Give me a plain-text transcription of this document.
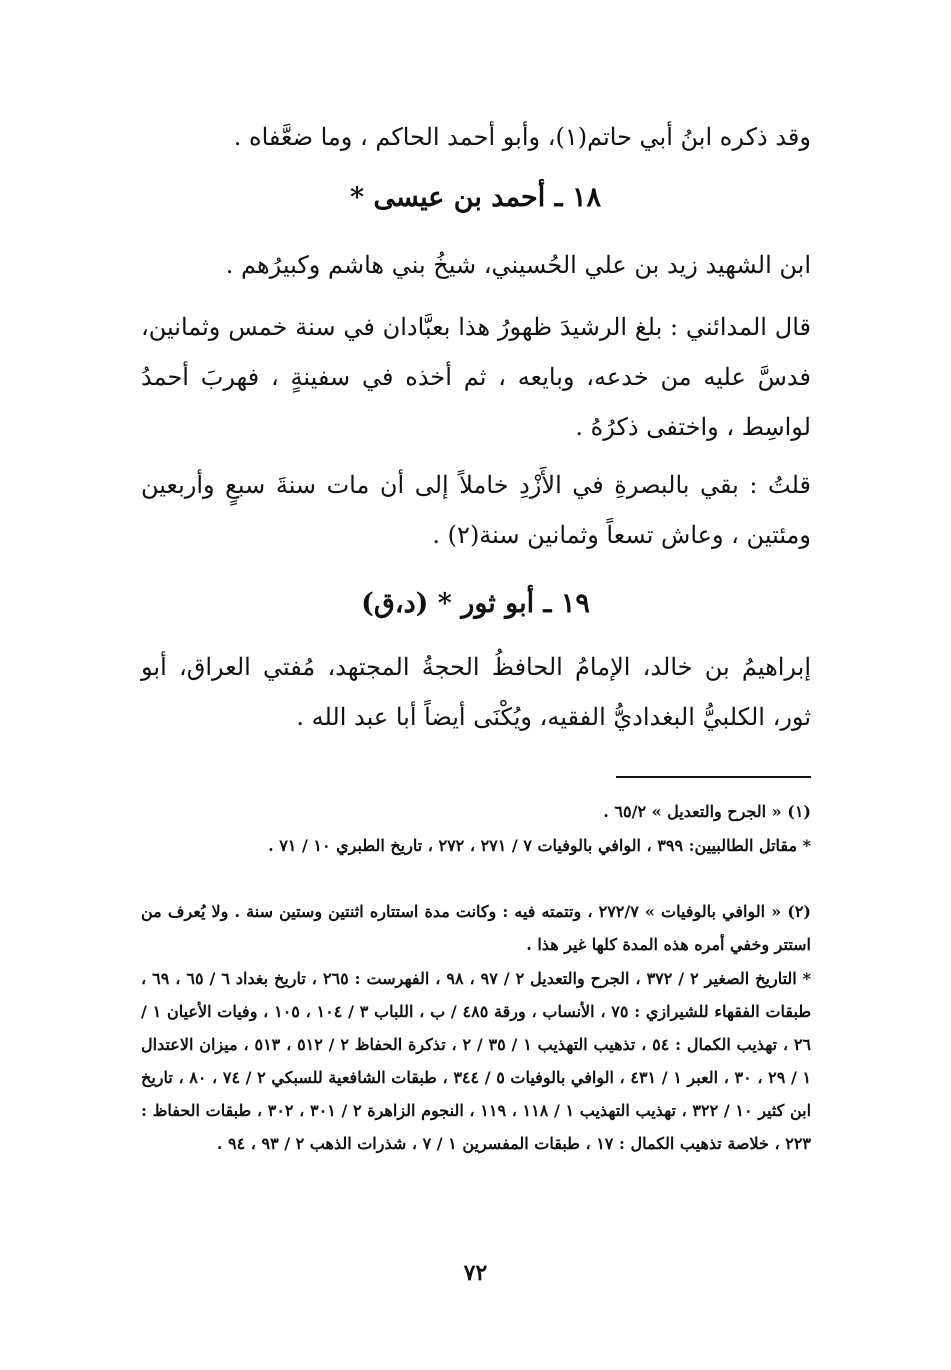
وقد ذكره ابنُ أبي حاتم(١)، وأبو أحمد الحاكم ، وما ضعَّفاه .
١٨ ـ أحمد بن عيسى *
ابن الشهيد زيد بن علي الحُسيني، شيخُ بني هاشم وكبيرُهم .
قال المدائني : بلغ الرشيدَ ظهورُ هذا بعبَّادان في سنة خمس وثمانين، فدسَّ عليه من خدعه، وبايعه ، ثم أخذه في سفينةٍ ، فهربَ أحمدُ لواسِط ، واختفى ذكرُهُ .
قلتُ : بقي بالبصرةِ في الأَزْدِ خاملاً إلى أن مات سنةَ سبعٍ وأربعين ومئتين ، وعاش تسعاً وثمانين سنة(٢) .
١٩ ـ أبو ثور * (د،ق)
إبراهيمُ بن خالد، الإمامُ الحافظُ الحجةُ المجتهد، مُفتي العراق، أبو ثور، الكلبيُّ البغداديُّ الفقيه، ويُكْنَى أيضاً أبا عبد الله .
(١) « الجرح والتعديل » ٦٥/٢ .
* مقاتل الطالبيين: ٣٩٩ ، الوافي بالوفيات ٧ / ٢٧١ ، ٢٧٢ ، تاريخ الطبري ١٠ / ٧١ .
(٢) « الوافي بالوفيات » ٢٧٢/٧ ، وتتمته فيه : وكانت مدة استتاره اثنتين وستين سنة . ولا يُعرف من استتر وخفي أمره هذه المدة كلها غير هذا .
* التاريخ الصغير ٢ / ٣٧٢ ، الجرح والتعديل ٢ / ٩٧ ، ٩٨ ، الفهرست : ٢٦٥ ، تاريخ بغداد ٦ / ٦٥ ، ٦٩ ، طبقات الفقهاء للشيرازي : ٧٥ ، الأنساب ، ورقة ٤٨٥ / ب ، اللباب ٣ / ١٠٤ ، ١٠٥ ، وفيات الأعيان ١ / ٢٦ ، تهذيب الكمال : ٥٤ ، تذهيب التهذيب ١ / ٣٥ / ٢ ، تذكرة الحفاظ ٢ / ٥١٢ ، ٥١٣ ، ميزان الاعتدال ١ / ٢٩ ، ٣٠ ، العبر ١ / ٤٣١ ، الوافي بالوفيات ٥ / ٣٤٤ ، طبقات الشافعية للسبكي ٢ / ٧٤ ، ٨٠ ، تاريخ ابن كثير ١٠ / ٣٢٢ ، تهذيب التهذيب ١ / ١١٨ ، ١١٩ ، النجوم الزاهرة ٢ / ٣٠١ ، ٣٠٢ ، طبقات الحفاظ : ٢٢٣ ، خلاصة تذهيب الكمال : ١٧ ، طبقات المفسرين ١ / ٧ ، شذرات الذهب ٢ / ٩٣ ، ٩٤ .
٧٢
